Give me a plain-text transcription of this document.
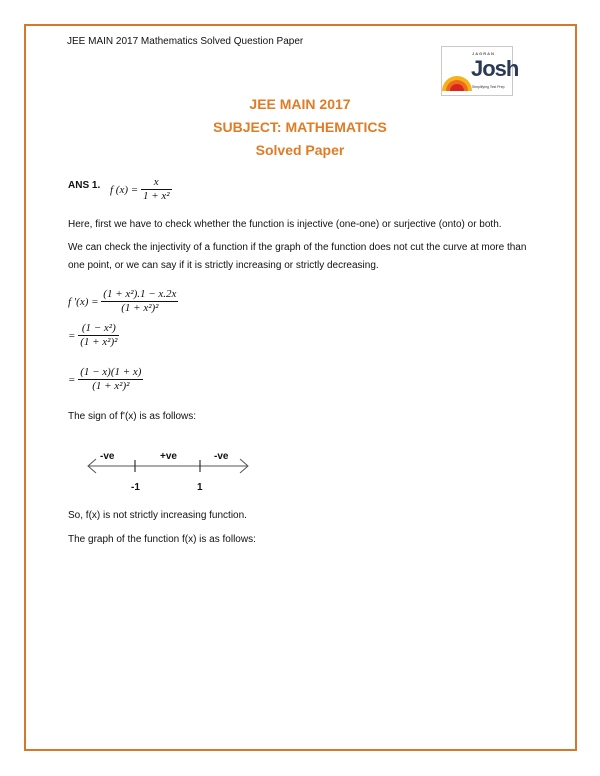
JEE MAIN 2017 Mathematics Solved Question Paper
JAGRAN
Josh
Simplifying Test Prep
JEE MAIN 2017
SUBJECT: MATHEMATICS
Solved Paper
ANS 1. f $(x) = \frac{x}{\text{1 + x²}}$
Here, first we have to check whether the function is injective (one-one) or surjective (onto) or both.
We can check the injectivity of a function if the graph of the function does not cut the curve at more than one point, or we can say if it is strictly increasing or strictly decreasing.
f '$(x) = \frac{\text{(1 + x²).1 − x.2x}}{\text{(1 + x²)²}}$
= $\frac{\text{(1 − x²)}}{\text{(1 + x²)²}}$
= $\frac{(1 - x)(1 + x)}{\text{(1 + x²)²}}$
The sign of f'(x) is as follows:
-ve	+ve	-ve
-1	1
So, f(x) is not strictly increasing function.
The graph of the function f(x) is as follows:
